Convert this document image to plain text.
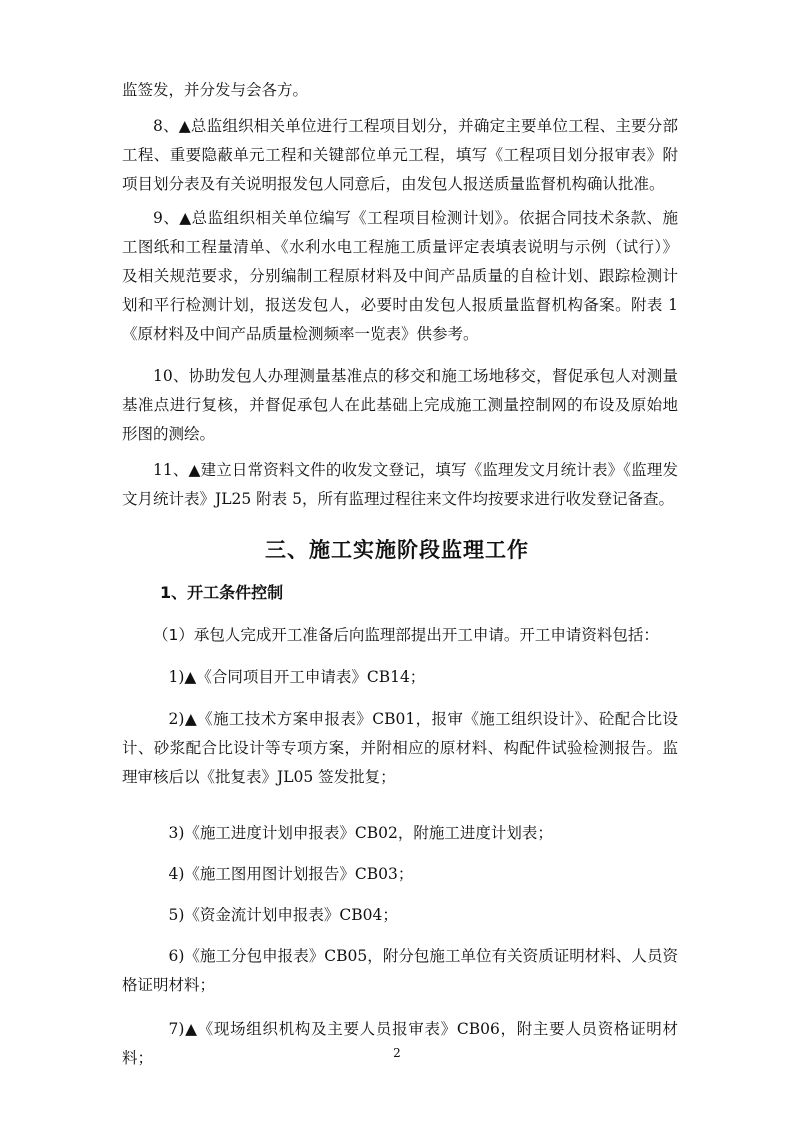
监签发，并分发与会各方。

8、▲总监组织相关单位进行工程项目划分，并确定主要单位工程、主要分部工程、重要隐蔽单元工程和关键部位单元工程，填写《工程项目划分报审表》附项目划分表及有关说明报发包人同意后，由发包人报送质量监督机构确认批准。

9、▲总监组织相关单位编写《工程项目检测计划》。依据合同技术条款、施工图纸和工程量清单、《水利水电工程施工质量评定表填表说明与示例（试行）》及相关规范要求，分别编制工程原材料及中间产品质量的自检计划、跟踪检测计划和平行检测计划，报送发包人，必要时由发包人报质量监督机构备案。附表 1《原材料及中间产品质量检测频率一览表》供参考。

10、协助发包人办理测量基准点的移交和施工场地移交，督促承包人对测量基准点进行复核，并督促承包人在此基础上完成施工测量控制网的布设及原始地形图的测绘。

11、▲建立日常资料文件的收发文登记，填写《监理发文月统计表》《监理发文月统计表》JL25 附表 5，所有监理过程往来文件均按要求进行收发登记备查。

三、施工实施阶段监理工作
1、开工条件控制

（1）承包人完成开工准备后向监理部提出开工申请。开工申请资料包括：

1)▲《合同项目开工申请表》CB14；

2)▲《施工技术方案申报表》CB01，报审《施工组织设计》、砼配合比设计、砂浆配合比设计等专项方案，并附相应的原材料、构配件试验检测报告。监理审核后以《批复表》JL05 签发批复；

3)《施工进度计划申报表》CB02，附施工进度计划表；

4)《施工图用图计划报告》CB03；

5)《资金流计划申报表》CB04；

6)《施工分包申报表》CB05，附分包施工单位有关资质证明材料、人员资格证明材料；

7)▲《现场组织机构及主要人员报审表》CB06，附主要人员资格证明材料；	2
